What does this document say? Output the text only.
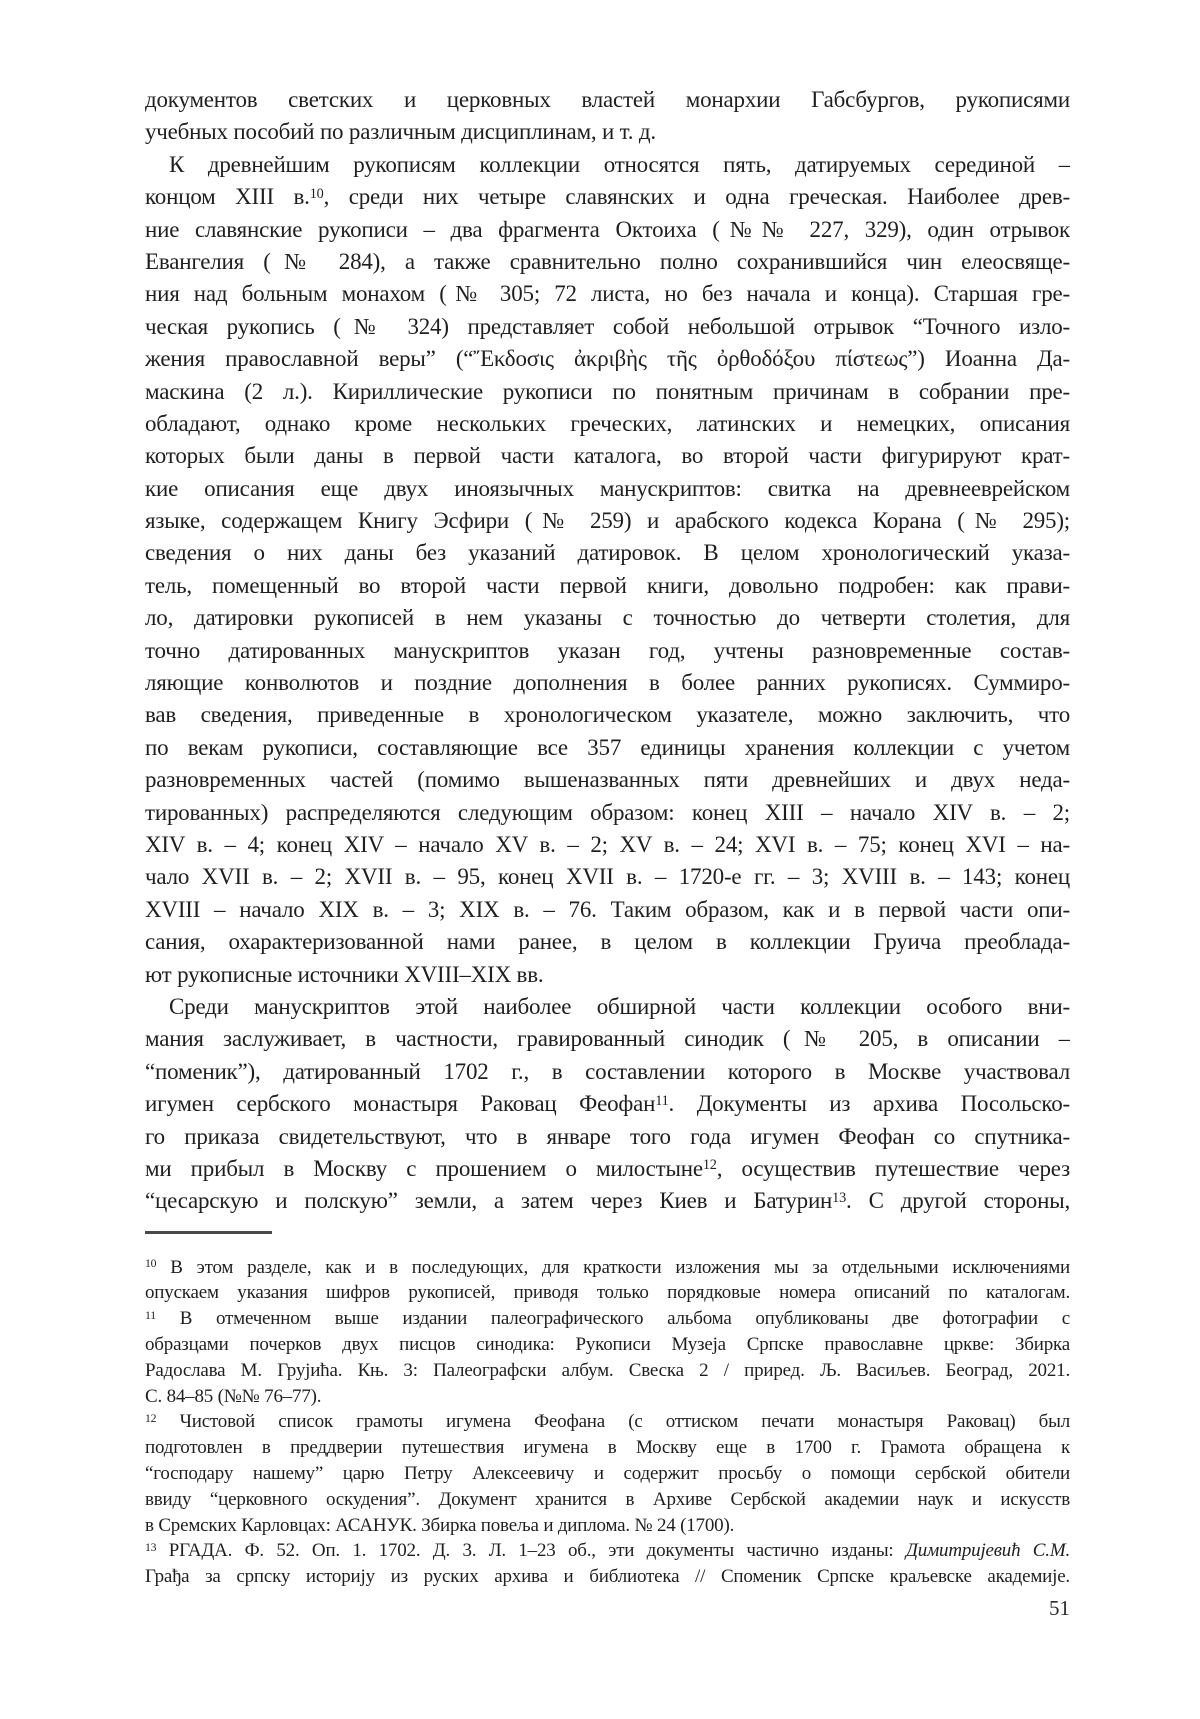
документов светских и церковных властей монархии Габсбургов, рукописями
учебных пособий по различным дисциплинам, и т. д.
К древнейшим рукописям коллекции относятся пять, датируемых серединой –
концом XIII в.$^{10}$, среди них четыре славянских и одна греческая. Наиболее древ-
ние славянские рукописи – два фрагмента Октоиха (№№ 227, 329), один отрывок
Евангелия (№ 284), а также сравнительно полно сохранившийся чин елеосвяще-
ния над больным монахом (№ 305; 72 листа, но без начала и конца). Старшая гре-
ческая рукопись (№ 324) представляет собой небольшой отрывок “Точного изло-
жения православной веры” (“Ἔκδοσις ἀκριβὴς τῆς ὀρθοδόξου πίστεως”) Иоанна Да-
маскина (2 л.). Кириллические рукописи по понятным причинам в собрании пре-
обладают, однако кроме нескольких греческих, латинских и немецких, описания
которых были даны в первой части каталога, во второй части фигурируют крат-
кие описания еще двух иноязычных манускриптов: свитка на древнееврейском
языке, содержащем Книгу Эсфири (№ 259) и арабского кодекса Корана (№ 295);
сведения о них даны без указаний датировок. В целом хронологический указа-
тель, помещенный во второй части первой книги, довольно подробен: как прави-
ло, датировки рукописей в нем указаны с точностью до четверти столетия, для
точно датированных манускриптов указан год, учтены разновременные состав-
ляющие конволютов и поздние дополнения в более ранних рукописях. Суммиро-
вав сведения, приведенные в хронологическом указателе, можно заключить, что
по векам рукописи, составляющие все 357 единицы хранения коллекции с учетом
разновременных частей (помимо вышеназванных пяти древнейших и двух неда-
тированных) распределяются следующим образом: конец XIII – начало XIV в. – 2;
XIV в. – 4; конец XIV – начало XV в. – 2; XV в. – 24; XVI в. – 75; конец XVI – на-
чало XVII в. – 2; XVII в. – 95, конец XVII в. – 1720-е гг. – 3; XVIII в. – 143; конец
XVIII – начало XIX в. – 3; XIX в. – 76. Таким образом, как и в первой части опи-
сания, охарактеризованной нами ранее, в целом в коллекции Груича преоблада-
ют рукописные источники XVIII–XIX вв.
Среди манускриптов этой наиболее обширной части коллекции особого вни-
мания заслуживает, в частности, гравированный синодик (№ 205, в описании –
“поменик”), датированный 1702 г., в составлении которого в Москве участвовал
игумен сербского монастыря Раковац Феофан$^{11}$. Документы из архива Посольско-
го приказа свидетельствуют, что в январе того года игумен Феофан со спутника-
ми прибыл в Москву с прошением о милостыне$^{12}$, осуществив путешествие через
“цесарскую и полскую” земли, а затем через Киев и Батурин$^{13}$. С другой стороны,
$^{10}$ В этом разделе, как и в последующих, для краткости изложения мы за отдельными исключениями
опускаем указания шифров рукописей, приводя только порядковые номера описаний по каталогам.
$^{11}$ В отмеченном выше издании палеографического альбома опубликованы две фотографии с
образцами почерков двух писцов синодика: Рукописи Музеја Српске православне цркве: Збирка
Радослава М. Грујића. Књ. 3: Палеографски албум. Свеска 2 / приред. Љ. Васиљев. Београд, 2021.
С. 84–85 (№№ 76–77).
$^{12}$ Чистовой список грамоты игумена Феофана (с оттиском печати монастыря Раковац) был
подготовлен в преддверии путешествия игумена в Москву еще в 1700 г. Грамота обращена к
“господару нашему” царю Петру Алексеевичу и содержит просьбу о помощи сербской обители
ввиду “церковного оскудения”. Документ хранится в Архиве Сербской академии наук и искусств
в Сремских Карловцах: АСАНУК. Збирка повеља и диплома. № 24 (1700).
$^{13}$ РГАДА. Ф. 52. Оп. 1. 1702. Д. 3. Л. 1–23 об., эти документы частично изданы: Димитријевић С.М.
Грађа за српску историју из руских архива и библиотека // Споменик Српске краљевске академије.
51
